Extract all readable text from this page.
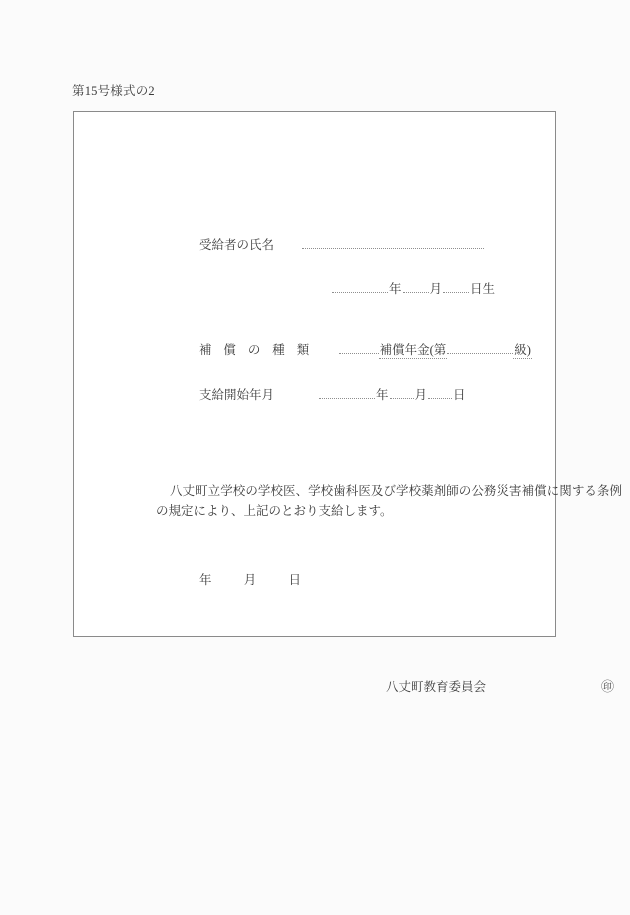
第15号様式の2
受給者の氏名
年 月 日生
補 償 の 種 類	補償年金(第	級)
支給開始年月	年 月 日
八丈町立学校の学校医、学校歯科医及び学校薬剤師の公務災害補償に関する条例の規定により、上記のとおり支給します。
年	月	日
八丈町教育委員会	㊞
